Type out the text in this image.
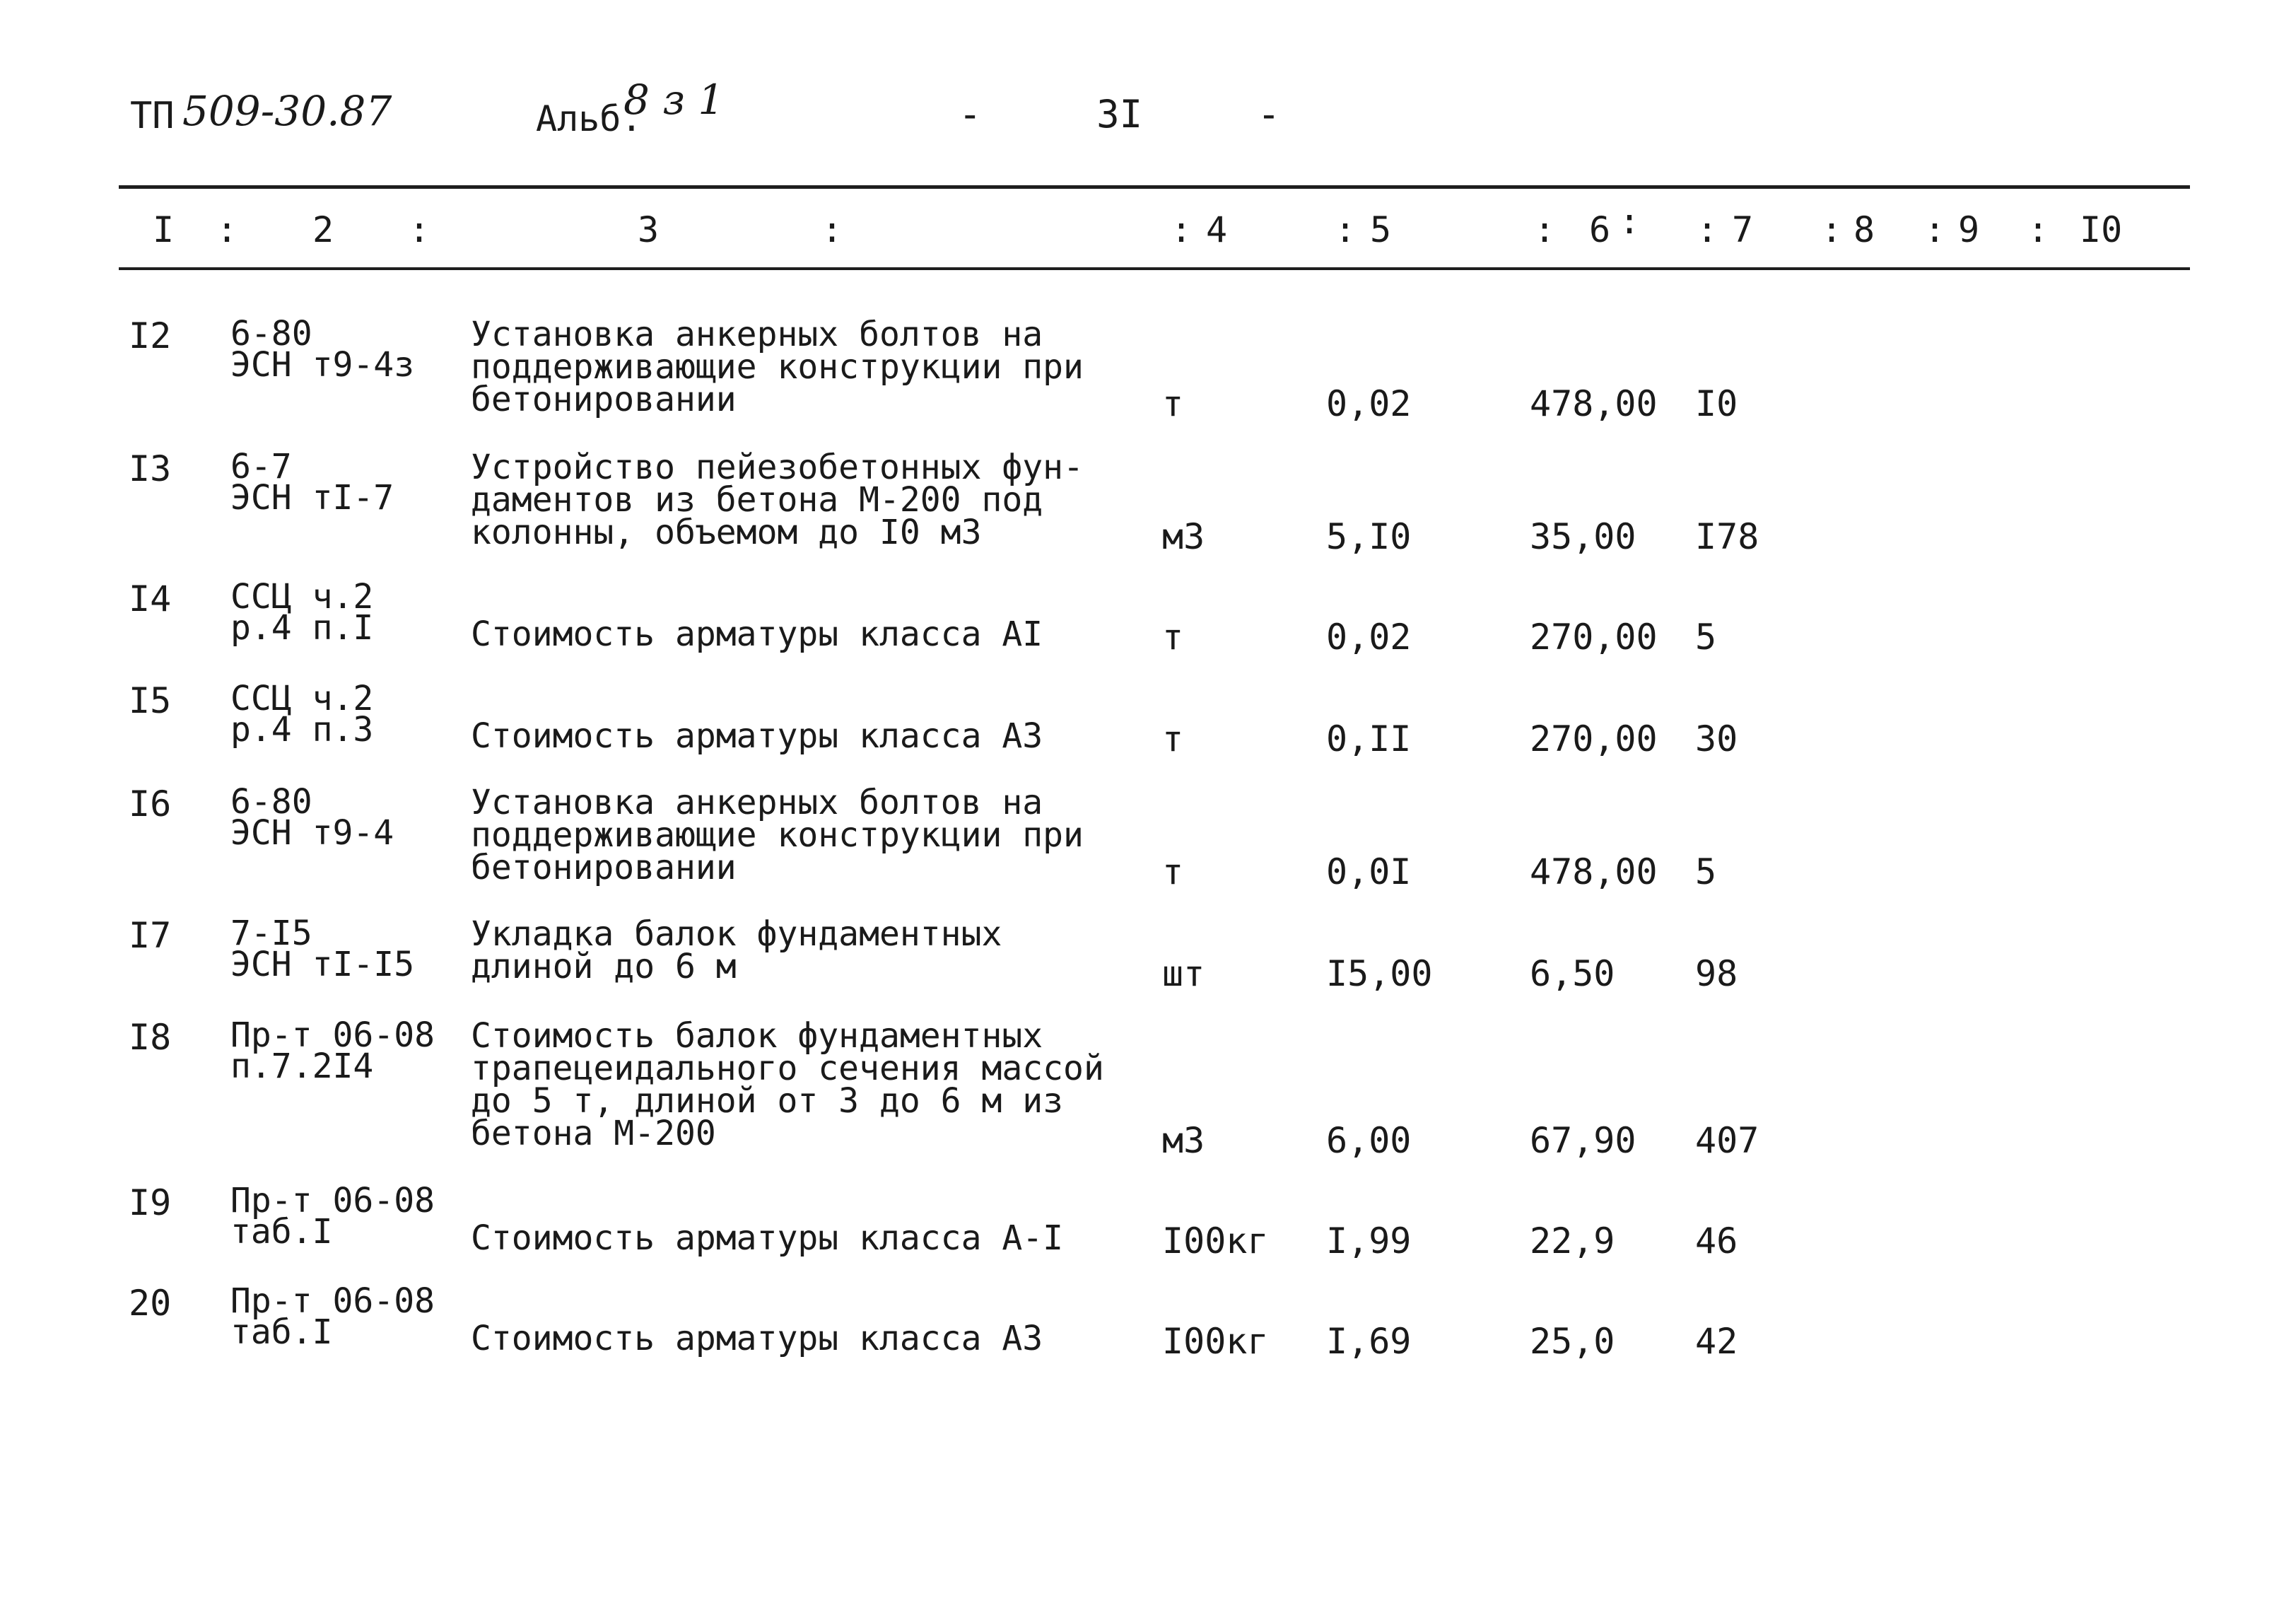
ТП 509-30.87	Альб.
8 з 1	-     3I     -
I : 2 :	3	:	: 4	: 5	: 6 : : 7 : 8 : 9 : I0
I2 6-80
ЭСН т9-4з
Установка анкерных болтов на
поддерживающие конструкции при
бетонировании	т	0,02	478,00 I0
I3 6-7
ЭСН тI-7
Устройство пейезобетонных фун-
даментов из бетона М-200 под
колонны, объемом до I0 м3	м3	5,I0	35,00 I78
I4 ССЦ ч.2
р.4 п.I	Стоимость арматуры класса АI	т	0,02	270,00 5
I5 ССЦ ч.2
р.4 п.3	Стоимость арматуры класса А3	т	0,II	270,00 30
I6 6-80
ЭСН т9-4
Установка анкерных болтов на
поддерживающие конструкции при
бетонировании	т	0,0I	478,00 5
I7 7-I5
ЭСН тI-I5
Укладка балок фундаментных
длиной до 6 м	шт	I5,00	6,50 98
I8 Пр-т 06-08
п.7.2I4
Стоимость балок фундаментных
трапецеидального сечения массой
до 5 т, длиной от 3 до 6 м из
бетона М-200	м3	6,00	67,90 407
I9 Пр-т 06-08
таб.I	Стоимость арматуры класса А-I	I00кг I,99	22,9 46
20 Пр-т 06-08
таб.I	Стоимость арматуры класса А3	I00кг I,69	25,0 42
